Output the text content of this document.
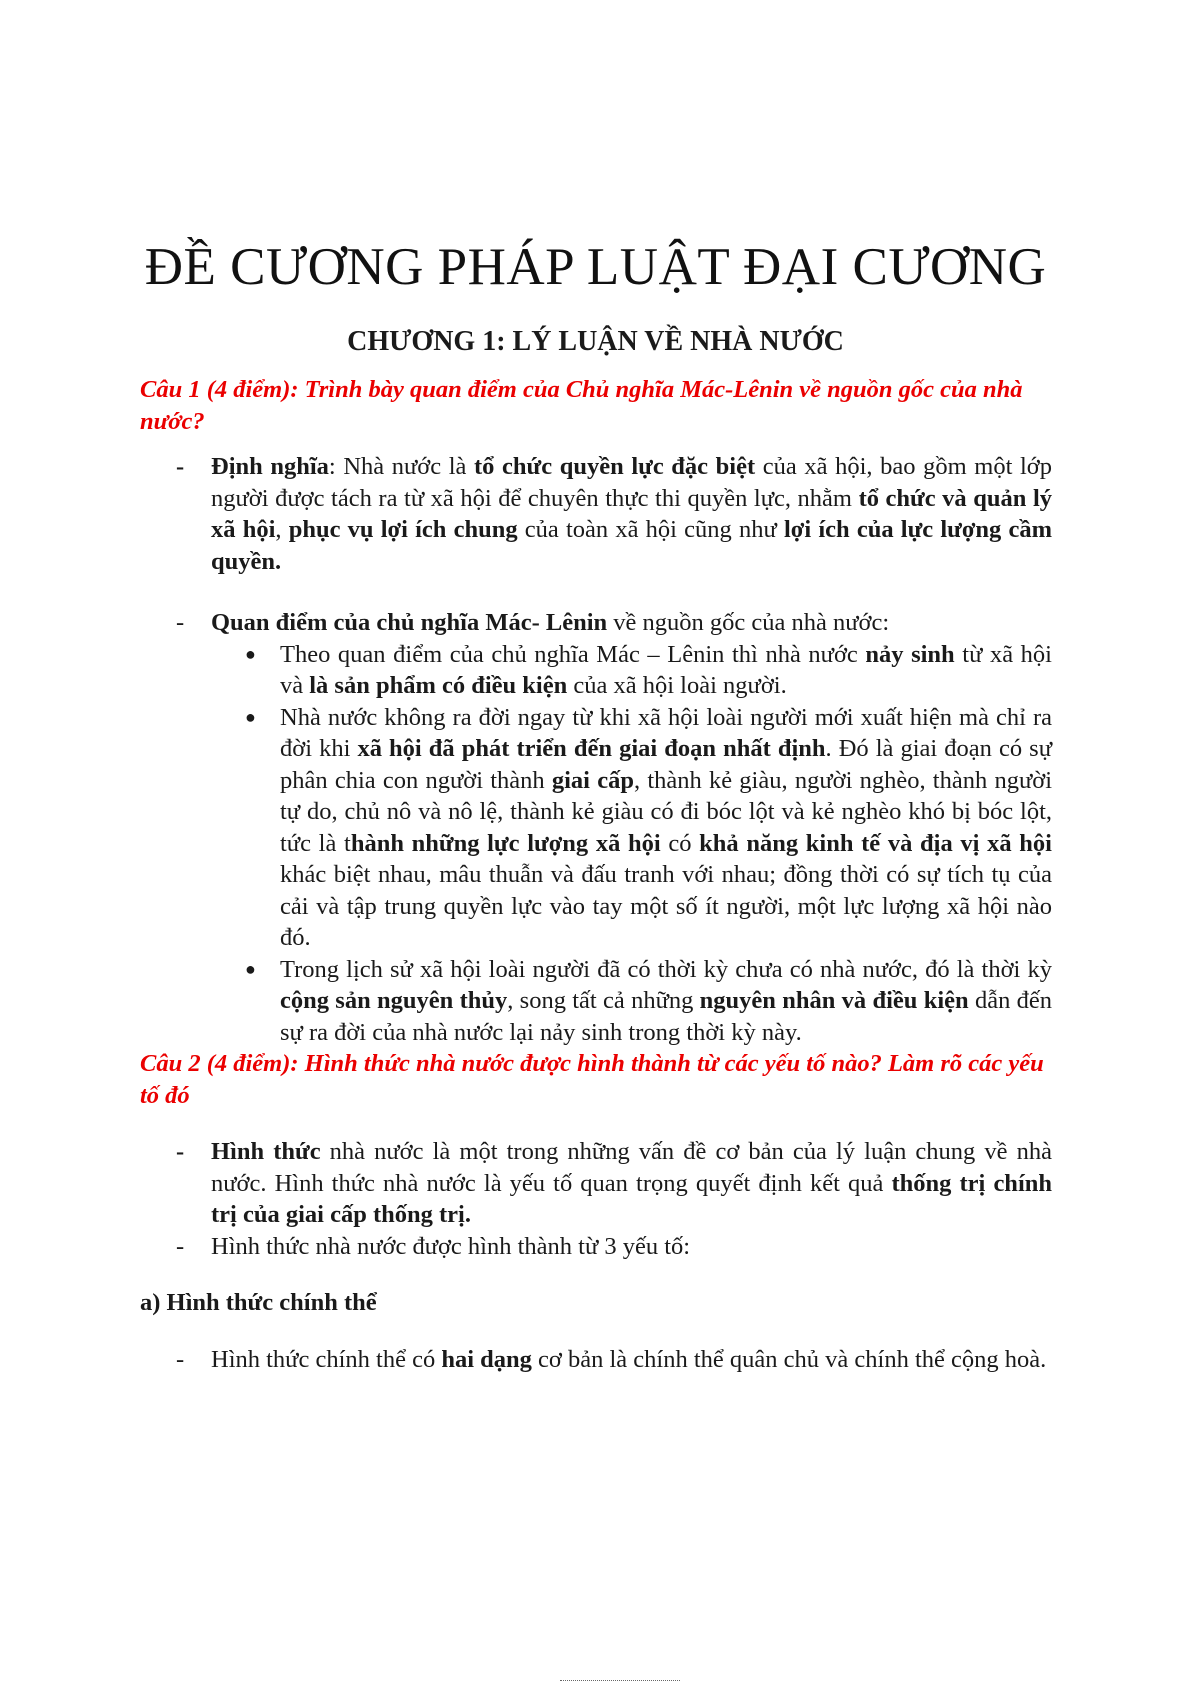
ĐỀ CƯƠNG PHÁP LUẬT ĐẠI CƯƠNG
CHƯƠNG 1: LÝ LUẬN VỀ NHÀ NƯỚC

Câu 1 (4 điểm): Trình bày quan điểm của Chủ nghĩa Mác-Lênin về nguồn gốc của nhà nước?

- Định nghĩa: Nhà nước là tổ chức quyền lực đặc biệt của xã hội, bao gồm một lớp người được tách ra từ xã hội để chuyên thực thi quyền lực, nhằm tổ chức và quản lý xã hội, phục vụ lợi ích chung của toàn xã hội cũng như lợi ích của lực lượng cầm quyền.

- Quan điểm của chủ nghĩa Mác- Lênin về nguồn gốc của nhà nước:

● Theo quan điểm của chủ nghĩa Mác – Lênin thì nhà nước nảy sinh từ xã hội và là sản phẩm có điều kiện của xã hội loài người.
● Nhà nước không ra đời ngay từ khi xã hội loài người mới xuất hiện mà chỉ ra đời khi xã hội đã phát triển đến giai đoạn nhất định. Đó là giai đoạn có sự phân chia con người thành giai cấp, thành kẻ giàu, người nghèo, thành người tự do, chủ nô và nô lệ, thành kẻ giàu có đi bóc lột và kẻ nghèo khó bị bóc lột, tức là thành những lực lượng xã hội có khả năng kinh tế và địa vị xã hội khác biệt nhau, mâu thuẫn và đấu tranh với nhau; đồng thời có sự tích tụ của cải và tập trung quyền lực vào tay một số ít người, một lực lượng xã hội nào đó.
● Trong lịch sử xã hội loài người đã có thời kỳ chưa có nhà nước, đó là thời kỳ cộng sản nguyên thủy, song tất cả những nguyên nhân và điều kiện dẫn đến sự ra đời của nhà nước lại nảy sinh trong thời kỳ này.

Câu 2 (4 điểm): Hình thức nhà nước được hình thành từ các yếu tố nào? Làm rõ các yếu tố đó

- Hình thức nhà nước là một trong những vấn đề cơ bản của lý luận chung về nhà nước. Hình thức nhà nước là yếu tố quan trọng quyết định kết quả thống trị chính trị của giai cấp thống trị.

- Hình thức nhà nước được hình thành từ 3 yếu tố:

a) Hình thức chính thể

- Hình thức chính thể có hai dạng cơ bản là chính thể quân chủ và chính thể cộng hoà.
